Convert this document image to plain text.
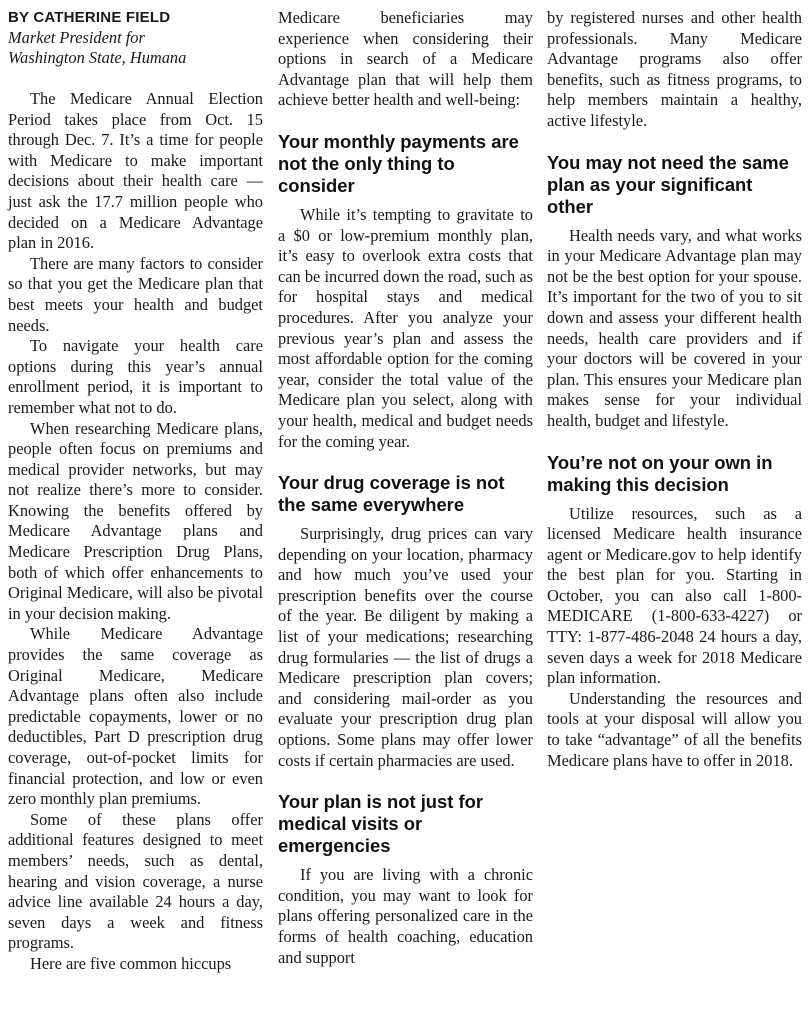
BY CATHERINE FIELD
Market President for
Washington State, Humana

The Medicare Annual Election Period takes place from Oct. 15 through Dec. 7. It’s a time for people with Medicare to make important decisions about their health care — just ask the 17.7 million people who decided on a Medicare Advantage plan in 2016.

There are many factors to consider so that you get the Medicare plan that best meets your health and budget needs.

To navigate your health care options during this year’s annual enrollment period, it is important to remember what not to do.

When researching Medicare plans, people often focus on premiums and medical provider networks, but may not realize there’s more to consider. Knowing the benefits offered by Medicare Advantage plans and Medicare Prescription Drug Plans, both of which offer enhancements to Original Medicare, will also be pivotal in your decision making.

While Medicare Advantage provides the same coverage as Original Medicare, Medicare Advantage plans often also include predictable copayments, lower or no deductibles, Part D prescription drug coverage, out-of-pocket limits for financial protection, and low or even zero monthly plan premiums.

Some of these plans offer additional features designed to meet members’ needs, such as dental, hearing and vision coverage, a nurse advice line available 24 hours a day, seven days a week and fitness programs.

Here are five common hiccups

Medicare beneficiaries may experience when considering their options in search of a Medicare Advantage plan that will help them achieve better health and well-being:

Your monthly payments are not the only thing to consider

While it’s tempting to gravitate to a $0 or low-premium monthly plan, it’s easy to overlook extra costs that can be incurred down the road, such as for hospital stays and medical procedures. After you analyze your previous year’s plan and assess the most affordable option for the coming year, consider the total value of the Medicare plan you select, along with your health, medical and budget needs for the coming year.

Your drug coverage is not the same everywhere

Surprisingly, drug prices can vary depending on your location, pharmacy and how much you’ve used your prescription benefits over the course of the year. Be diligent by making a list of your medications; researching drug formularies — the list of drugs a Medicare prescription plan covers; and considering mail-order as you evaluate your prescription drug plan options. Some plans may offer lower costs if certain pharmacies are used.

Your plan is not just for medical visits or emergencies

If you are living with a chronic condition, you may want to look for plans offering personalized care in the forms of health coaching, education and support

by registered nurses and other health professionals. Many Medicare Advantage programs also offer benefits, such as fitness programs, to help members maintain a healthy, active lifestyle.

You may not need the same plan as your significant other

Health needs vary, and what works in your Medicare Advantage plan may not be the best option for your spouse. It’s important for the two of you to sit down and assess your different health needs, health care providers and if your doctors will be covered in your plan. This ensures your Medicare plan makes sense for your individual health, budget and lifestyle.

You’re not on your own in making this decision

Utilize resources, such as a licensed Medicare health insurance agent or Medicare.gov to help identify the best plan for you. Starting in October, you can also call 1-800-MEDICARE (1-800-633-4227) or TTY: 1-877-486-2048 24 hours a day, seven days a week for 2018 Medicare plan information.

Understanding the resources and tools at your disposal will allow you to take “advantage” of all the benefits Medicare plans have to offer in 2018.
